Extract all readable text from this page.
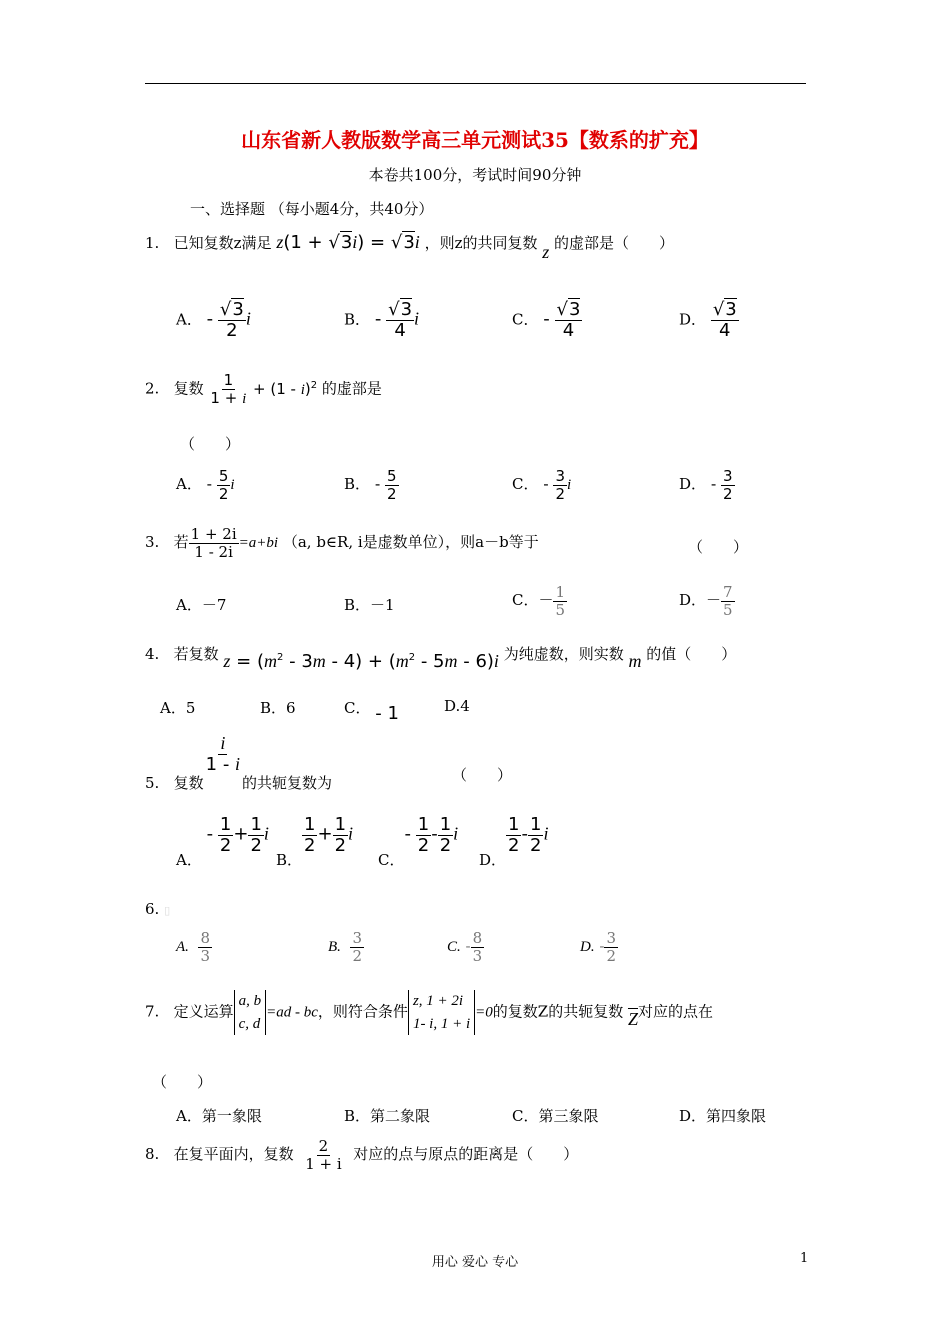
山东省新人教版数学高三单元测试35【数系的扩充】
本卷共100分，考试时间90分钟
一、选择题 （每小题4分，共40分）
1. 已知复数z满足 z(1 + √3i) = √3i ，则z的共同复数 z 的虚部是（　　）
A． - $\frac{√3}{2}$ i	B． - $\frac{√3}{4}$ i	C． - $\frac{√3}{4}$	D． $\frac{√3}{4}$
2. 复数 $\frac{1}{1 + i} + (1 - i)^2$ 的虚部是
（　　）
A． - $\frac{5}{2}$ i	B． - $\frac{5}{2}$	C． - $\frac{3}{2}$ i	D． - $\frac{3}{2}$
3. 若 $\frac{1 + 2i}{1 - 2i} =a+bi$ （a, b∈R, i是虚数单位），则a－b等于	（　　）
A．－7	B．－1	C．－ $\frac{1}{5}$	D．－ $\frac{7}{5}$
4. 若复数 $z = (m^2 - 3m - 4) + (m^2 - 5m - 6)i$ 为纯虚数，则实数 m 的值（　　）
A．5	B．6	C． - 1	D.4
5. 复数
$\frac{i}{1 - i}$
的共轭复数为	（　　）
A． - $\frac{1}{2} + \frac{1}{2}$ i
B．
$\frac{1}{2} + \frac{1}{2}$ i
C．- $\frac{1}{2} - \frac{1}{2}$ i
D．
$\frac{1}{2} - \frac{1}{2}$ i
6. ▯
A. $\frac{8}{3}$	B. $\frac{3}{2}$	C. - $\frac{8}{3}$	D. - $\frac{3}{2}$
7. 定义运算
a, b
c, d
=ad - bc，则符合条件
z, 1 + 2i
1- i, 1 + i
=0的复数Z的共轭复数 $\overline{Z}$对应的点在
（　　）
A．第一象限	B．第二象限	C．第三象限	D．第四象限
8. 在复平面内，复数 $\frac{2}{1 + i}$ 对应的点与原点的距离是（　　）
用心 爱心 专心	1
